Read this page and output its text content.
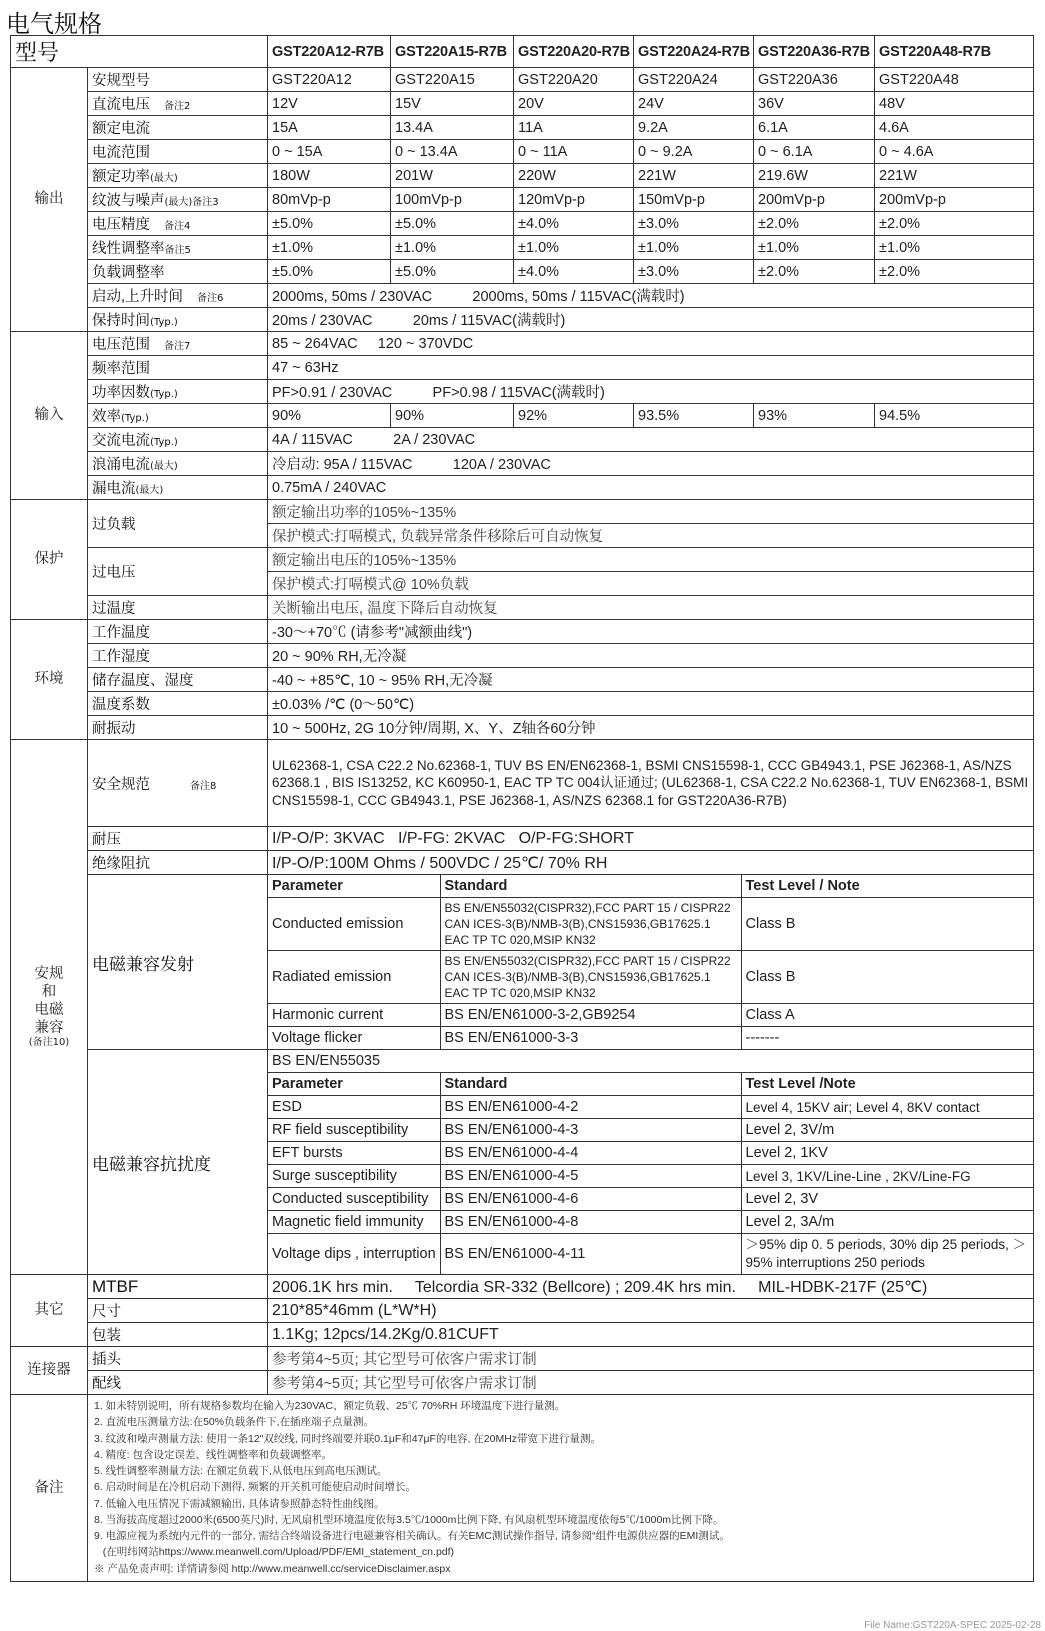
电气规格
型号	GST220A12-R7B	GST220A15-R7B	GST220A20-R7B	GST220A24-R7B	GST220A36-R7B	GST220A48-R7B
输出	安规型号	GST220A12	GST220A15	GST220A20	GST220A24	GST220A36	GST220A48
直流电压 备注2	12V	15V	20V	24V	36V	48V
额定电流	15A	13.4A	11A	9.2A	6.1A	4.6A
电流范围	0 ~ 15A	0 ~ 13.4A	0 ~ 11A	0 ~ 9.2A	0 ~ 6.1A	0 ~ 4.6A
额定功率(最大)	180W	201W	220W	221W	219.6W	221W
纹波与噪声(最大)备注3	80mVp-p	100mVp-p	120mVp-p	150mVp-p	200mVp-p	200mVp-p
电压精度 备注4	±5.0%	±5.0%	±4.0%	±3.0%	±2.0%	±2.0%
线性调整率备注5	±1.0%	±1.0%	±1.0%	±1.0%	±1.0%	±1.0%
负载调整率	±5.0%	±5.0%	±4.0%	±3.0%	±2.0%	±2.0%
启动,上升时间 备注6	2000ms, 50ms / 230VAC          2000ms, 50ms / 115VAC(满载时)
保持时间(Typ.)	20ms / 230VAC          20ms / 115VAC(满载时)
输入	电压范围 备注7	85 ~ 264VAC     120 ~ 370VDC
频率范围	47 ~ 63Hz
功率因数(Typ.)	PF>0.91 / 230VAC          PF>0.98 / 115VAC(满载时)
效率(Typ.)	90%	90%	92%	93.5%	93%	94.5%
交流电流(Typ.)	4A / 115VAC          2A / 230VAC
浪涌电流(最大)	冷启动: 95A / 115VAC          120A / 230VAC
漏电流(最大)	0.75mA / 240VAC
保护	过负载	额定输出功率的105%~135%
保护模式:打嗝模式, 负载异常条件移除后可自动恢复
过电压	额定输出电压的105%~135%
保护模式:打嗝模式@ 10%负载
过温度	关断输出电压, 温度下降后自动恢复
环境	工作温度	-30～+70℃ (请参考"减额曲线")
工作湿度	20 ~ 90% RH,无冷凝
储存温度、湿度	-40 ~ +85℃, 10 ~ 95% RH,无冷凝
温度系数	±0.03% /℃ (0～50℃)
耐振动	10 ~ 500Hz, 2G 10分钟/周期, X、Y、Z轴各60分钟

安规
和
电磁
兼容
(备注10)
	安全规范	备注8	UL62368-1, CSA C22.2 No.62368-1, TUV BS EN/EN62368-1, BSMI CNS15598-1, CCC GB4943.1, PSE J62368-1, AS/NZS 62368.1 , BIS IS13252, KC K60950-1, EAC TP TC 004认证通过; (UL62368-1, CSA C22.2 No.62368-1, TUV EN62368-1, BSMI CNS15598-1, CCC GB4943.1, PSE J62368-1, AS/NZS 62368.1 for GST220A36-R7B)
耐压	I/P-O/P: 3KVAC   I/P-FG: 2KVAC   O/P-FG:SHORT
绝缘阻抗	I/P-O/P:100M Ohms / 500VDC / 25℃/ 70% RH
电磁兼容发射	
Parameter	Standard	Test Level / Note
Conducted emission	BS EN/EN55032(CISPR32),FCC PART 15 / CISPR22 CAN ICES-3(B)/NMB-3(B),CNS15936,GB17625.1 EAC TP TC 020,MSIP KN32	Class B
Radiated emission	BS EN/EN55032(CISPR32),FCC PART 15 / CISPR22 CAN ICES-3(B)/NMB-3(B),CNS15936,GB17625.1 EAC TP TC 020,MSIP KN32	Class B
Harmonic current	BS EN/EN61000-3-2,GB9254	Class A
Voltage flicker	BS EN/EN61000-3-3	-------

电磁兼容抗扰度	
BS EN/EN55035
Parameter	Standard	Test Level /Note
ESD	BS EN/EN61000-4-2	Level 4, 15KV air; Level 4, 8KV contact
RF field susceptibility	BS EN/EN61000-4-3	Level 2, 3V/m
EFT bursts	BS EN/EN61000-4-4	Level 2, 1KV
Surge susceptibility	BS EN/EN61000-4-5	Level 3, 1KV/Line-Line , 2KV/Line-FG
Conducted susceptibility	BS EN/EN61000-4-6	Level 2, 3V
Magnetic field immunity	BS EN/EN61000-4-8	Level 2, 3A/m
Voltage dips , interruption	BS EN/EN61000-4-11	＞95% dip 0. 5 periods, 30% dip 25 periods, ＞95% interruptions 250 periods

其它	MTBF	2006.1K hrs min.     Telcordia SR-332 (Bellcore) ; 209.4K hrs min.     MIL-HDBK-217F (25℃)
尺寸	210*85*46mm (L*W*H)
包装	1.1Kg; 12pcs/14.2Kg/0.81CUFT
连接器	插头	参考第4~5页; 其它型号可依客户需求订制
配线	参考第4~5页; 其它型号可依客户需求订制
备注	
1. 如未特别说明，所有规格参数均在输入为230VAC、额定负载、25℃ 70%RH 环境温度下进行量测。
2. 直流电压测量方法:在50%负载条件下,在插座端子点量测。
3. 纹波和噪声测量方法: 使用一条12"双绞线, 同时终端要并联0.1μF和47μF的电容, 在20MHz带宽下进行量测。
4. 精度: 包含设定误差、线性调整率和负载调整率。
5. 线性调整率测量方法: 在额定负载下,从低电压到高电压测试。
6. 启动时间是在冷机启动下测得, 频繁的开关机可能使启动时间增长。
7. 低输入电压情况下需减额输出, 具体请参照静态特性曲线图。
8. 当海拔高度超过2000米(6500英尺)时, 无风扇机型环境温度依每3.5℃/1000m比例下降, 有风扇机型环境温度依每5℃/1000m比例下降。
9. 电源应视为系统内元件的一部分, 需结合终端设备进行电磁兼容相关确认。有关EMC测试操作指导, 请参阅“组件电源供应器的EMI测试。
(在明纬网站https://www.meanwell.com/Upload/PDF/EMI_statement_cn.pdf)
※ 产品免责声明: 详情请参阅 http://www.meanwell.cc/serviceDisclaimer.aspx
File Name:GST220A-SPEC 2025-02-28
